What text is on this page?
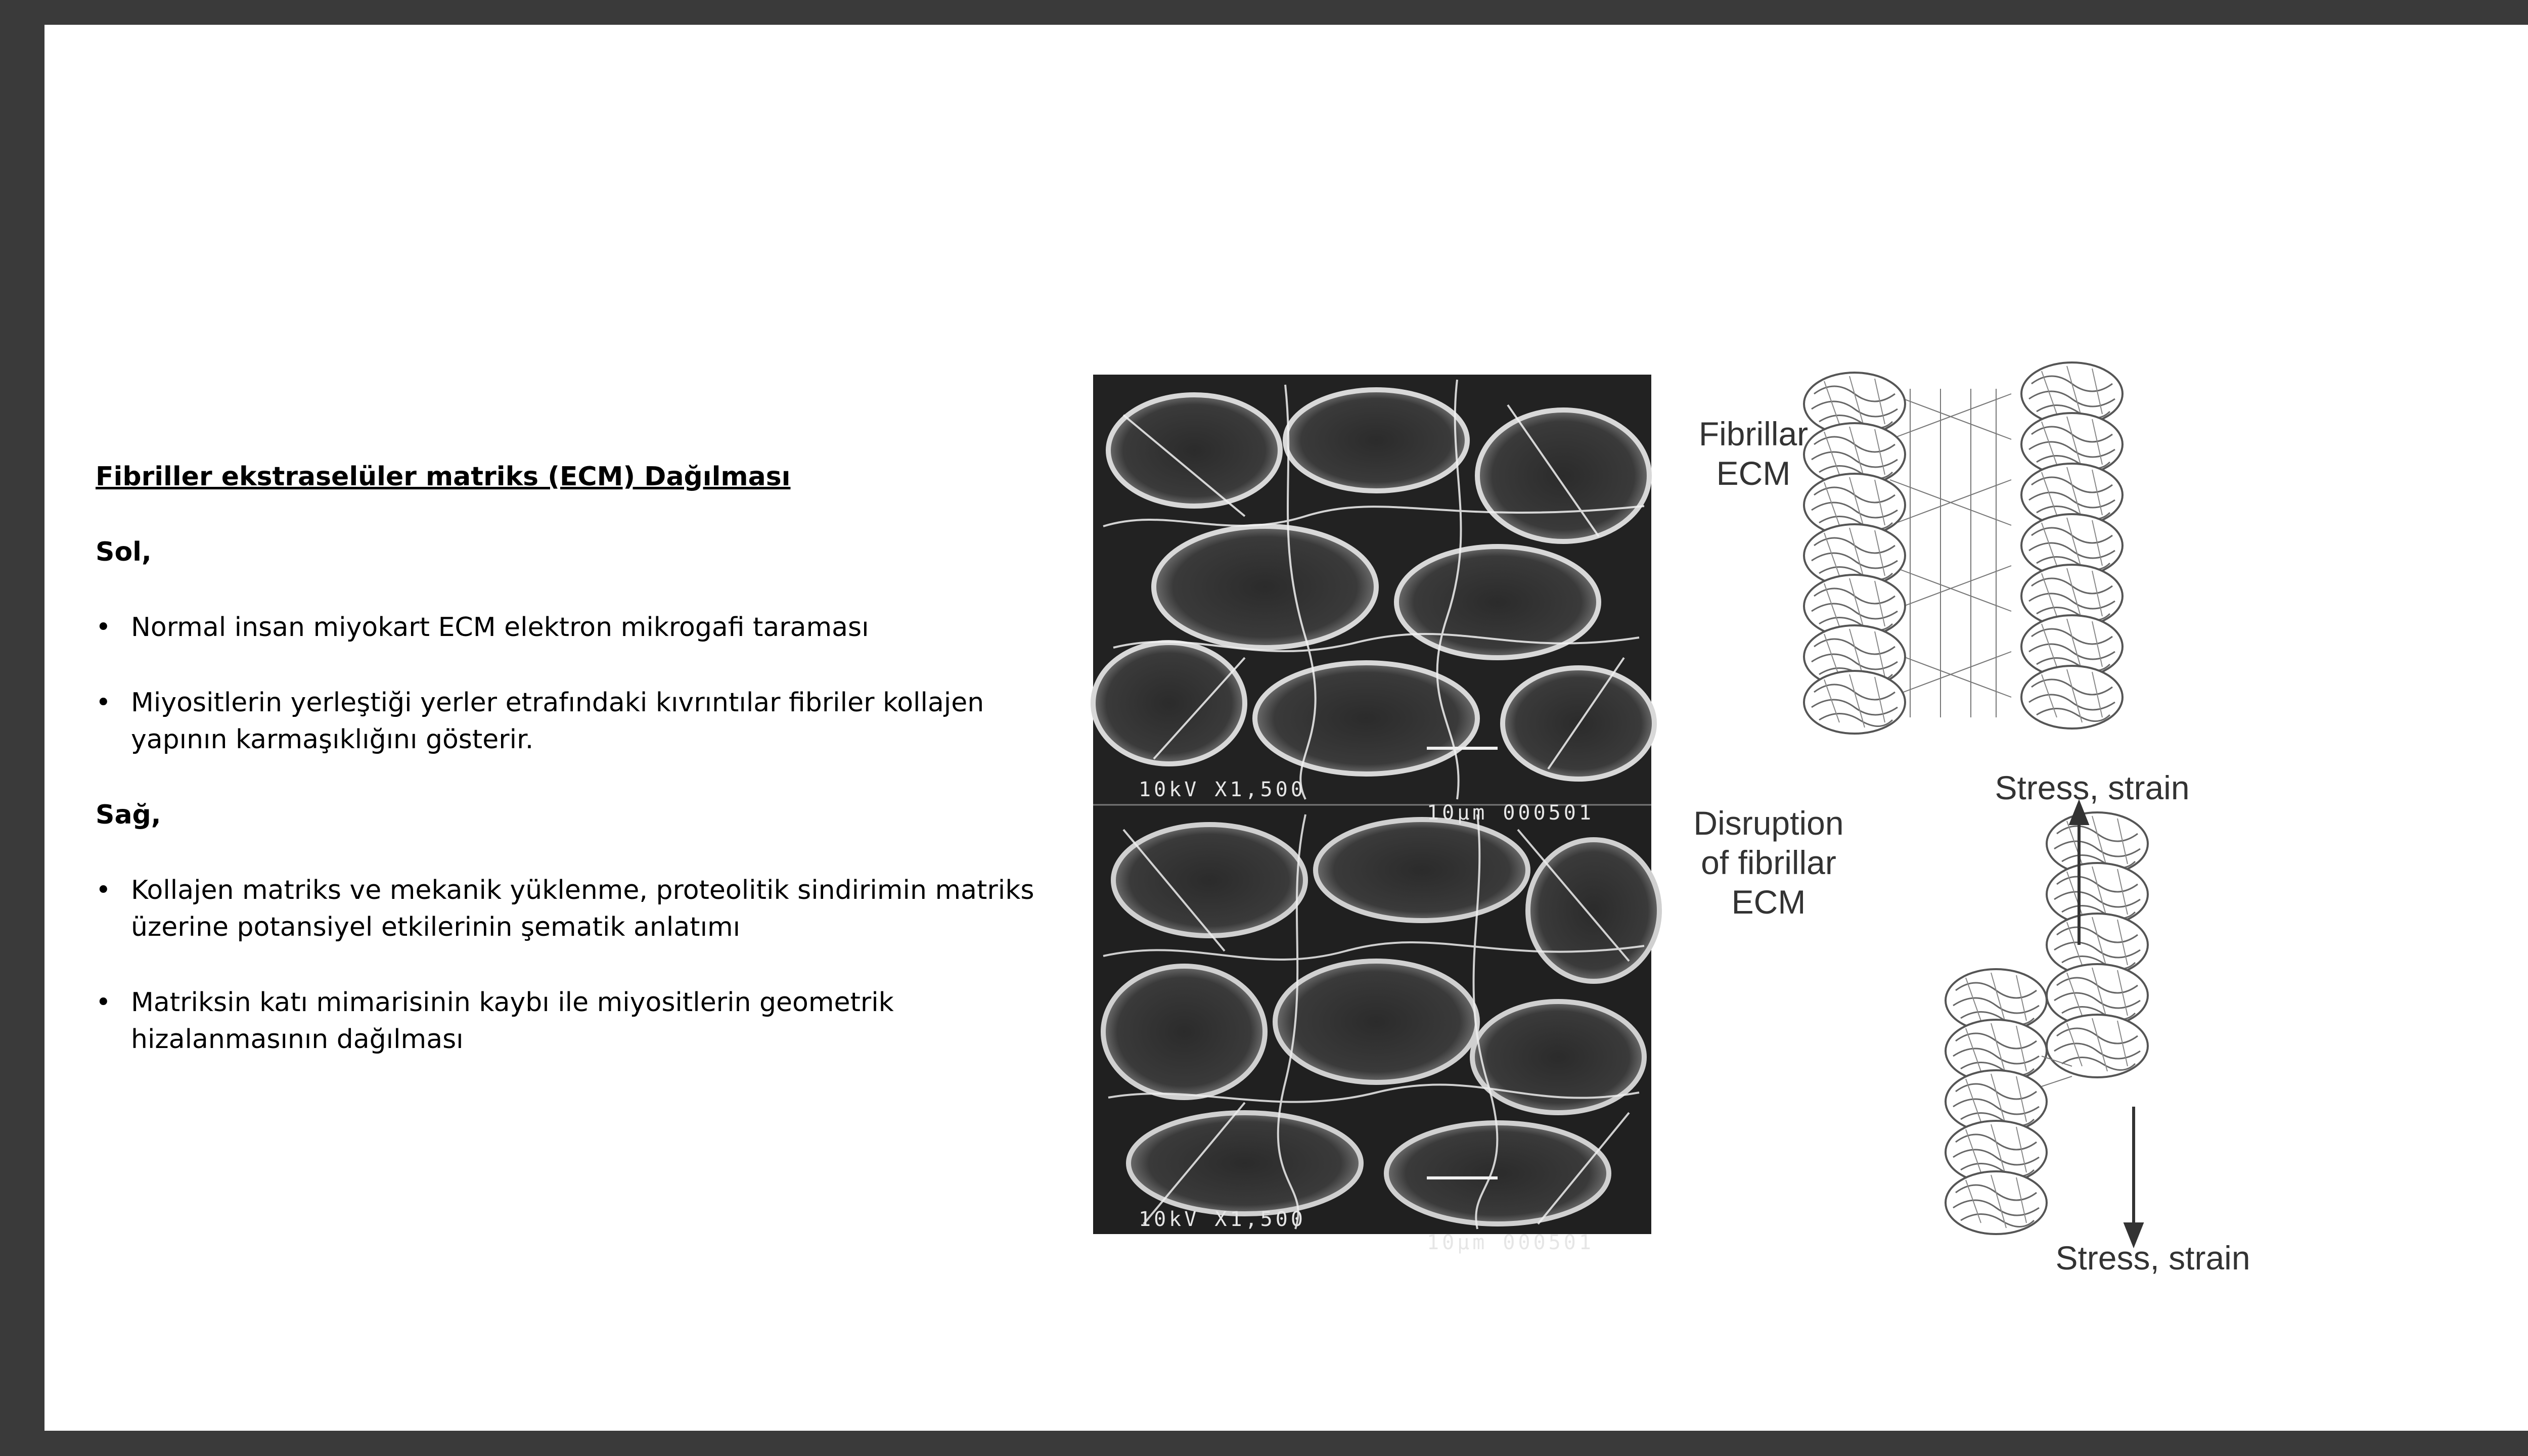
Fibriller ekstraselüler matriks (ECM) Dağılması

Sol,

• Normal insan miyokart ECM elektron mikrogafi taraması
• Miyositlerin yerleştiği yerler etrafındaki kıvrıntılar fibriler kollajen yapının karmaşıklığını gösterir.

Sağ,

• Kollajen matriks ve mekanik yüklenme, proteolitik sindirimin matriks üzerine potansiyel etkilerinin şematik anlatımı
• Matriksin katı mimarisinin kaybı ile miyositlerin geometrik hizalanmasının dağılması

10kV X1,500

10µm 000501

10kV X1,500

10µm 000501

Fibrillar ECM
Disruption of fibrillar ECM
Stress, strain
Stress, strain
